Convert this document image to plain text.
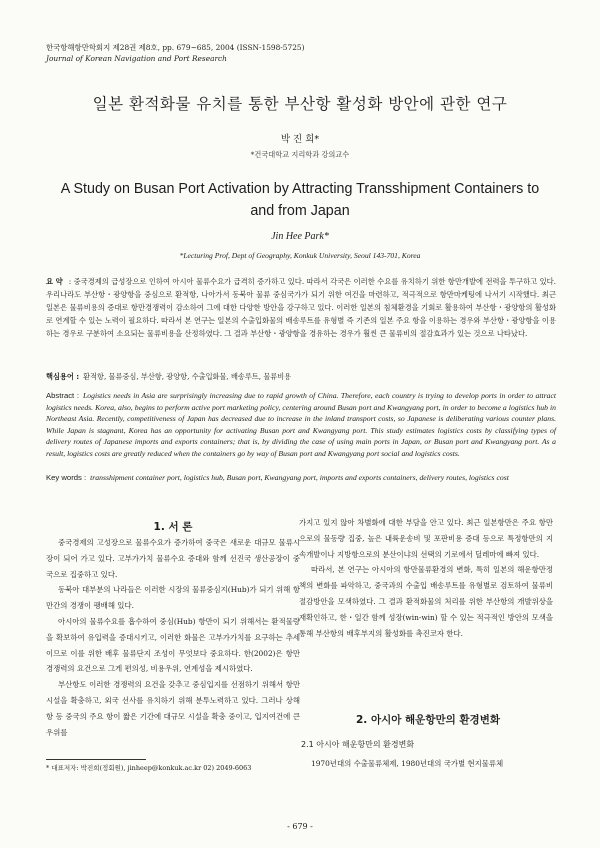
한국항해항만학회지 제28권 제8호, pp. 679~685, 2004 (ISSN-1598-5725)
Journal of Korean Navigation and Port Research
일본 환적화물 유치를 통한 부산항 활성화 방안에 관한 연구
박 진 희*
*건국대학교 지리학과 강의교수
A Study on Busan Port Activation by Attracting Transshipment Containers to and from Japan
Jin Hee Park*
*Lecturing Prof, Dept of Geography, Konkuk University, Seoul 143-701, Korea
요 약 : 중국경제의 급성장으로 인하여 아시아 물류수요가 급격히 증가하고 있다. 따라서 각국은 이러한 수요를 유치하기 위한 항만개발에 전력을 투구하고 있다. 우리나라도 부산항・광양항을 중심으로 환적항, 나아가서 동북아 물류 중심국가가 되기 위한 여건을 마련하고, 적극적으로 항만마케팅에 나서기 시작했다. 최근 일본은 물류비용의 증대로 항만경쟁력이 감소하여 그에 대한 다양한 방안을 강구하고 있다. 이러한 일본의 침체환경을 기회로 활용하여 부산항・광양항의 활성화로 연계할 수 있는 노력이 필요하다. 따라서 본 연구는 일본의 수출입화물의 배송루트를 유형별 즉 기존의 일본 주요 항을 이용하는 경우와 부산항・광양항을 이용하는 경우로 구분하여 소요되는 물류비용을 산정하였다. 그 결과 부산항・광양항을 경유하는 경우가 훨씬 큰 물류비의 절감효과가 있는 것으로 나타났다.
핵심용어 : 환적항, 물류중심, 부산항, 광양항, 수출입화물, 배송루트, 물류비용
Abstract : Logistics needs in Asia are surprisingly increasing due to rapid growth of China. Therefore, each country is trying to develop ports in order to attract logistics needs. Korea, also, begins to perform active port marketing policy, centering around Busan port and Kwangyang port, in order to become a logistics hub in Northeast Asia. Recently, competitiveness of Japan has decreased due to increase in the inland transport costs, so Japanese is deliberating various counter plans. While Japan is stagnant, Korea has an opportunity for activating Busan port and Kwangyang port. This study estimates logistics costs by classifying types of delivery routes of Japanese imports and exports containers; that is, by dividing the case of using main ports in Japan, or Busan port and Kwangyang port. As a result, logistics costs are greatly reduced when the containers go by way of Busan port and Kwangyang port social and logistics costs.
Key words : transshipment container port, logistics hub, Busan port, Kwangyang port, imports and exports containers, delivery routes, logistics cost
1. 서 론

중국경제의 고성장으로 물류수요가 증가하여 중국은 새로운 대규모 물류시장이 되어 가고 있다. 고부가가치 물류수요 증대와 함께 선진국 생산공장이 중국으로 집중하고 있다.

동북아 대부분의 나라들은 이러한 시장의 물류중심지(Hub)가 되기 위해 항만간의 경쟁이 팽배해 있다.

아시아의 물류수요를 흡수하여 중심(Hub) 항만이 되기 위해서는 환적물량을 확보하여 유입력을 증대시키고, 이러한 화물은 고부가가치를 요구하는 추세이므로 이를 위한 배후 물류단지 조성이 무엇보다 중요하다. 한(2002)은 항만경쟁력의 요건으로 그게 편의성, 비용우위, 연계성을 제시하였다.

부산항도 이러한 경쟁력의 요건을 갖추고 중심입지를 선점하기 위해서 항만시설을 확충하고, 외국 선사를 유치하기 위해 분투노력하고 있다. 그러나 상해항 등 중국의 주요 항이 짧은 기간에 대규모 시설을 확충 중이고, 입지여건에 큰 우위를

가지고 있지 않아 차별화에 대한 부담을 안고 있다. 최근 일본항만은 주요 항만으로의 물동량 집중, 높은 내륙운송비 및 포판비용 증대 등으로 특정항만의 지속개발이나 지방항으로의 분산이냐의 선택의 기로에서 딜레마에 빠져 있다.

따라서, 본 연구는 아시아의 항만물류환경의 변화, 특히 일본의 해운항만정책의 변화를 파악하고, 중국과의 수출입 배송루트를 유형별로 검토하여 물류비 절감방안을 모색하였다. 그 결과 환적화물의 처리를 위한 부산항의 개발위상을 재확인하고, 한・일간 함께 성장(win-win) 할 수 있는 적극적인 방안의 모색을 통해 부산항의 배후부지의 활성화를 촉진코자 한다.

2. 아시아 해운항만의 환경변화
2.1 아시아 해운항만의 환경변화

1970년대의 수출물류체제, 1980년대의 국가별 현지물류체

* 대표저자: 박진희(정회원), jinheep@konkuk.ac.kr 02) 2049-6063
- 679 -
